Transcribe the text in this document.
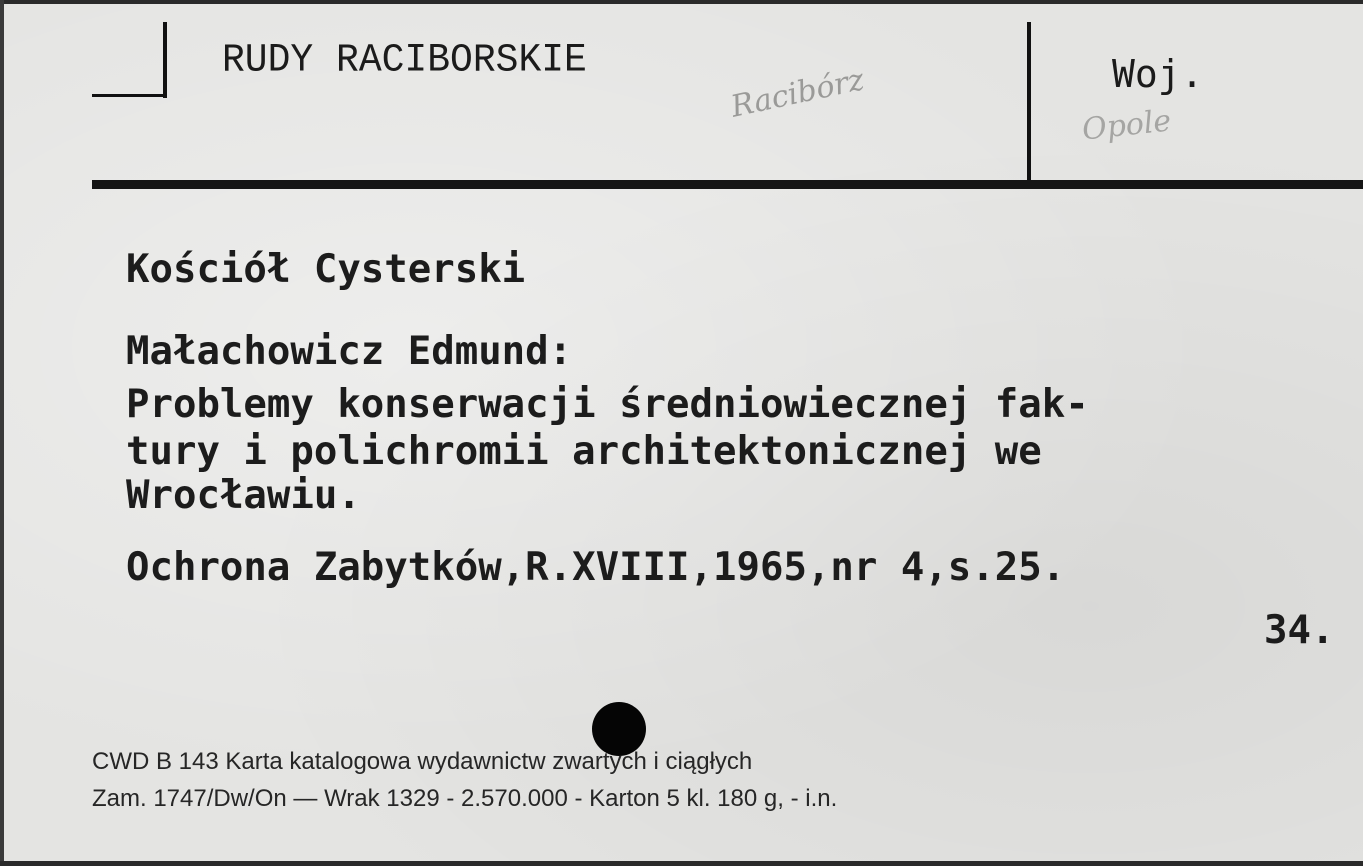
RUDY RACIBORSKIE
Racibórz	Woj.
Opole

Kościół Cysterski

Małachowicz Edmund:

Problemy konserwacji średniowiecznej fak-

tury i polichromii architektonicznej we

Wrocławiu.

Ochrona Zabytków,R.XVIII,1965,nr 4,s.25.

34.

CWD B 143 Karta katalogowa wydawnictw zwartych i ciągłych

Zam. 1747/Dw/On — Wrak 1329 - 2.570.000 - Karton 5 kl. 180 g, - i.n.
